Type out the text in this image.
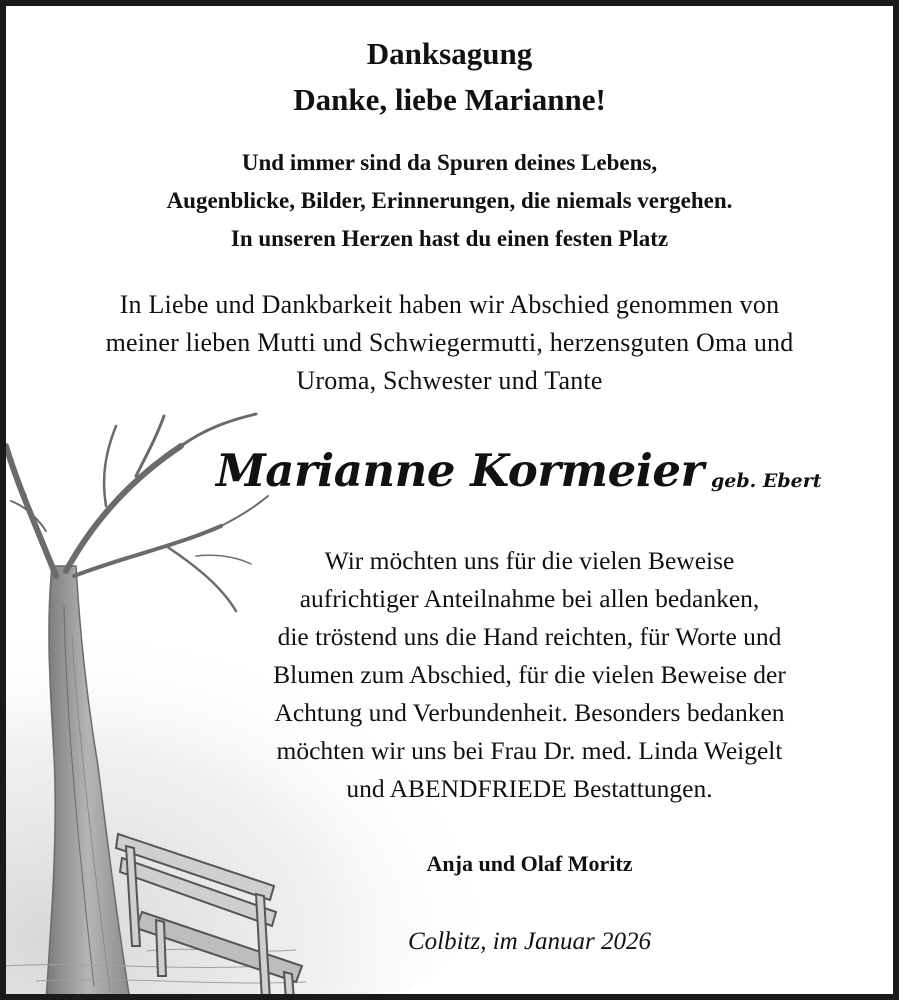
Danksagung
Danke, liebe Marianne!
Und immer sind da Spuren deines Lebens,
Augenblicke, Bilder, Erinnerungen, die niemals vergehen.
In unseren Herzen hast du einen festen Platz
In Liebe und Dankbarkeit haben wir Abschied genommen von
meiner lieben Mutti und Schwiegermutti, herzensguten Oma und
Uroma, Schwester und Tante
Marianne Kormeier geb. Ebert
Wir möchten uns für die vielen Beweise
aufrichtiger Anteilnahme bei allen bedanken,
die tröstend uns die Hand reichten, für Worte und
Blumen zum Abschied, für die vielen Beweise der
Achtung und Verbundenheit. Besonders bedanken
möchten wir uns bei Frau Dr. med. Linda Weigelt
und ABENDFRIEDE Bestattungen.
Anja und Olaf Moritz
Colbitz, im Januar 2026
